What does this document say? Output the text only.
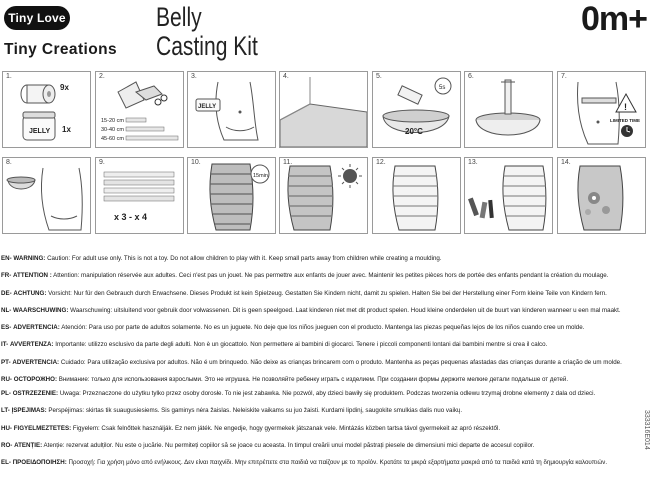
Tiny Love
Tiny Creations
Belly
Casting Kit
0m+
1.
9x
JELLY 1x
2.
15-20 cm
30-40 cm
45-60 cm
3.
JELLY
4.	5.
5s
20°C
6.	7.
!
LIMITED TIME
8.	9.
x 3 - x 4
10.
15min
11.	12.	13.	14.
EN- WARNING: Caution: For adult use only. This is not a toy. Do not allow children to play with it. Keep small parts away from children while creating a moulding.
FR- ATTENTION : Attention: manipulation réservée aux adultes. Ceci n'est pas un jouet. Ne pas permettre aux enfants de jouer avec. Maintenir les petites pièces hors de portée des enfants pendant la création du moulage.
DE- ACHTUNG: Vorsicht: Nur für den Gebrauch durch Erwachsene. Dieses Produkt ist kein Spielzeug. Gestatten Sie Kindern nicht, damit zu spielen. Halten Sie bei der Herstellung einer Form kleine Teile von Kindern fern.
NL- WAARSCHUWING: Waarschuwing: uitsluitend voor gebruik door volwassenen. Dit is geen speelgoed. Laat kinderen niet met dit product spelen. Houd kleine onderdelen uit de buurt van kinderen wanneer u een mal maakt.
ES- ADVERTENCIA: Atención: Para uso por parte de adultos solamente. No es un juguete. No deje que los niños jueguen con el producto. Mantenga las piezas pequeñas lejos de los niños cuando cree un molde.
IT- AVVERTENZA: Importante: utilizzo esclusivo da parte degli adulti. Non è un giocattolo. Non permettere ai bambini di giocarci. Tenere i piccoli componenti lontani dai bambini mentre si crea il calco.
PT- ADVERTÊNCIA: Cuidado: Para utilização exclusiva por adultos. Não é um brinquedo. Não deixe as crianças brincarem com o produto. Mantenha as peças pequenas afastadas das crianças durante a criação de um molde.
RU- ОСТОРОЖНО: Внимание: только для использования взрослыми. Это не игрушка. Не позволяйте ребенку играть с изделием. При создании формы держите мелкие детали подальше от детей.
PL- OSTRZEŻENIE: Uwaga: Przeznaczone do użytku tylko przez osoby dorosłe. To nie jest zabawka. Nie pozwól, aby dzieci bawiły się produktem. Podczas tworzenia odlewu trzymaj drobne elementy z dala od dzieci.
LT- ĮSPĖJIMAS: Perspėjimas: skirtas tik suaugusiesiems. Šis gaminys nėra žaislas. Neleiskite vaikams su juo žaisti. Kurdami lipdinį, saugokite smulkias dalis nuo vaikų.
HU- FIGYELMEZTETÉS: Figyelem: Csak felnőttek használják. Ez nem játék. Ne engedje, hogy gyermekek játszanak vele. Mintázás közben tartsa távol gyermekeit az apró részektől.
RO- ATENȚIE: Atenție: rezervat adulților. Nu este o jucărie. Nu permiteți copiilor să se joace cu aceasta. În timpul creării unui model păstrați piesele de dimensiuni mici departe de accesul copiilor.
EL- ΠΡΟΕΙΔΟΠΟΙΗΣΗ: Προσοχή: Για χρήση μόνο από ενήλικους. Δεν είναι παιχνίδι. Μην επιτρέπετε στα παιδιά να παίζουν με το προϊόν. Κρατάτε τα μικρά εξαρτήματα μακριά από τα παιδιά κατά τη δημιουργία καλουπιών.
333316E014
